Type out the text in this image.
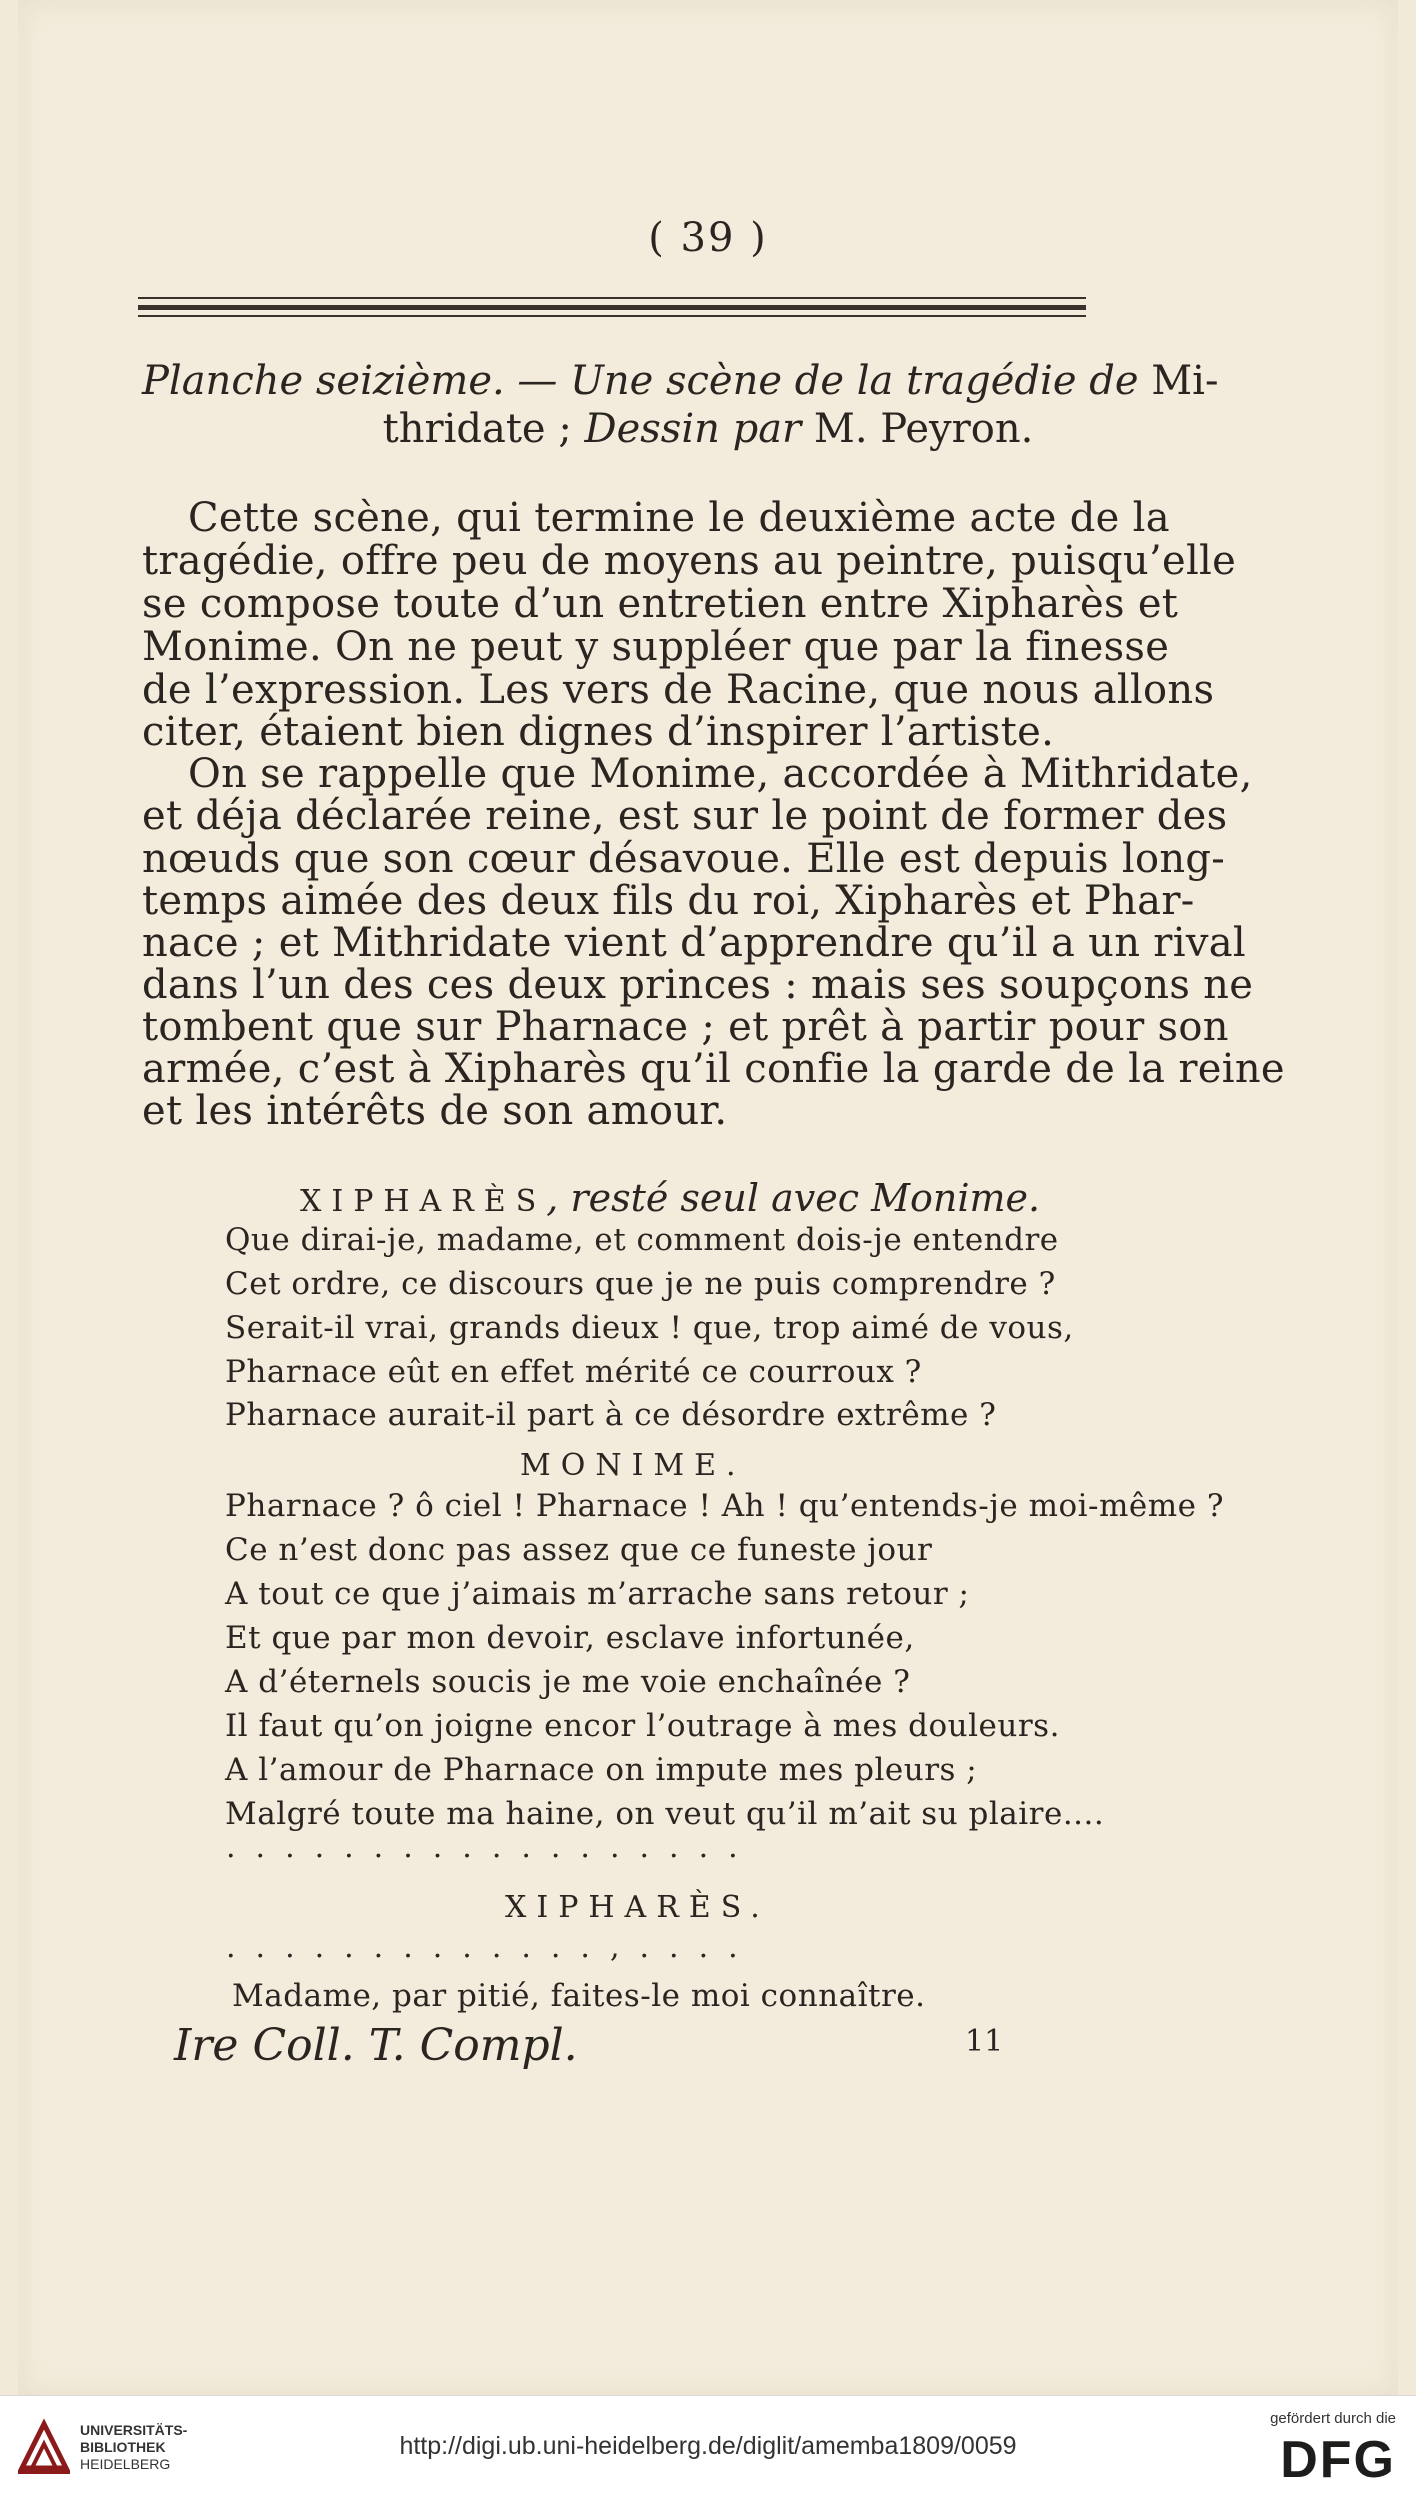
( 39 )
Planche seizième. — Une scène de la tragédie de Mi-
thridate ; Dessin par M. Peyron.
Cette scène, qui termine le deuxième acte de la
tragédie, offre peu de moyens au peintre, puisqu’elle
se compose toute d’un entretien entre Xipharès et
Monime. On ne peut y suppléer que par la finesse
de l’expression. Les vers de Racine, que nous allons
citer, étaient bien dignes d’inspirer l’artiste.
On se rappelle que Monime, accordée à Mithridate,
et déja déclarée reine, est sur le point de former des
nœuds que son cœur désavoue. Elle est depuis long-
temps aimée des deux fils du roi, Xipharès et Phar-
nace ; et Mithridate vient d’apprendre qu’il a un rival
dans l’un des ces deux princes : mais ses soupçons ne
tombent que sur Pharnace ; et prêt à partir pour son
armée, c’est à Xipharès qu’il confie la garde de la reine
et les intérêts de son amour.
XIPHARÈS, resté seul avec Monime.
Que dirai-je, madame, et comment dois-je entendre
Cet ordre, ce discours que je ne puis comprendre ?
Serait-il vrai, grands dieux ! que, trop aimé de vous,
Pharnace eût en effet mérité ce courroux ?
Pharnace aurait-il part à ce désordre extrême ?
MONIME.
Pharnace ? ô ciel ! Pharnace ! Ah ! qu’entends-je moi-même ?
Ce n’est donc pas assez que ce funeste jour
A tout ce que j’aimais m’arrache sans retour ;
Et que par mon devoir, esclave infortunée,
A d’éternels soucis je me voie enchaînée ?
Il faut qu’on joigne encor l’outrage à mes douleurs.
A l’amour de Pharnace on impute mes pleurs ;
Malgré toute ma haine, on veut qu’il m’ait su plaire....
..................
XIPHARÈS.
.............,....
Madame, par pitié, faites-le moi connaître.
Ire Coll. T. Compl.	11
UNIVERSITÄTS-
BIBLIOTHEK
HEIDELBERG
http://digi.ub.uni-heidelberg.de/diglit/amemba1809/0059
gefördert durch die
DFG
